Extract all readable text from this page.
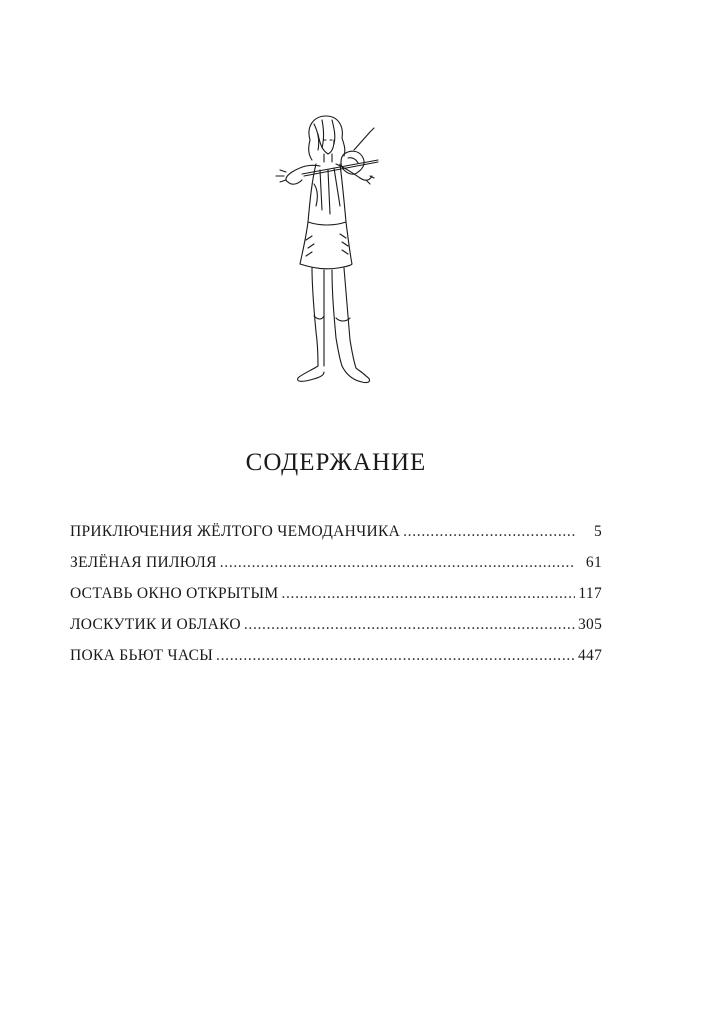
СОДЕРЖАНИЕ
ПРИКЛЮЧЕНИЯ ЖЁЛТОГО ЧЕМОДАНЧИКА . . .	5
ЗЕЛЁНАЯ ПИЛЮЛЯ . . .	61
ОСТАВЬ ОКНО ОТКРЫТЫМ . . .	117
ЛОСКУТИК И ОБЛАКО . . .	305
ПОКА БЬЮТ ЧАСЫ . . .	447
